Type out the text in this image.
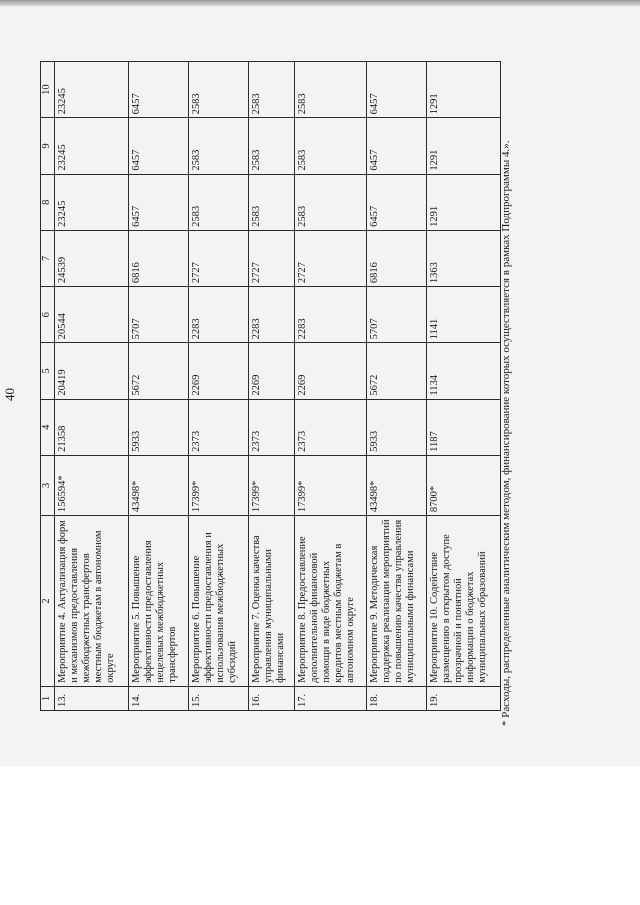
40
1	2	3	4	5	6	7	8	9	10
13.	Мероприятие 4. Актуализация форм и механизмов предоставления межбюджетных трансфертов местным бюджетам в автономном округе	156594*	21358	20419	20544	24539	23245	23245	23245
14.	Мероприятие 5. Повышение эффективности предоставления нецелевых межбюджетных трансфертов	43498*	5933	5672	5707	6816	6457	6457	6457
15.	Мероприятие 6. Повышение эффективности предоставления и использования межбюджетных субсидий	17399*	2373	2269	2283	2727	2583	2583	2583
16.	Мероприятие 7. Оценка качества управления муниципальными финансами	17399*	2373	2269	2283	2727	2583	2583	2583
17.	Мероприятие 8. Предоставление дополнительной финансовой помощи в виде бюджетных кредитов местным бюджетам в автономном округе	17399*	2373	2269	2283	2727	2583	2583	2583
18.	Мероприятие 9. Методическая поддержка реализации мероприятий по повышению качества управления муниципальными финансами	43498*	5933	5672	5707	6816	6457	6457	6457
19.	Мероприятие 10. Содействие размещению в открытом доступе прозрачной и понятной информации о бюджетах муниципальных образований	8700*	1187	1134	1141	1363	1291	1291	1291
* Расходы, распределенные аналитическим методом, финансирование которых осуществляется в рамках Подпрограммы 4.».
